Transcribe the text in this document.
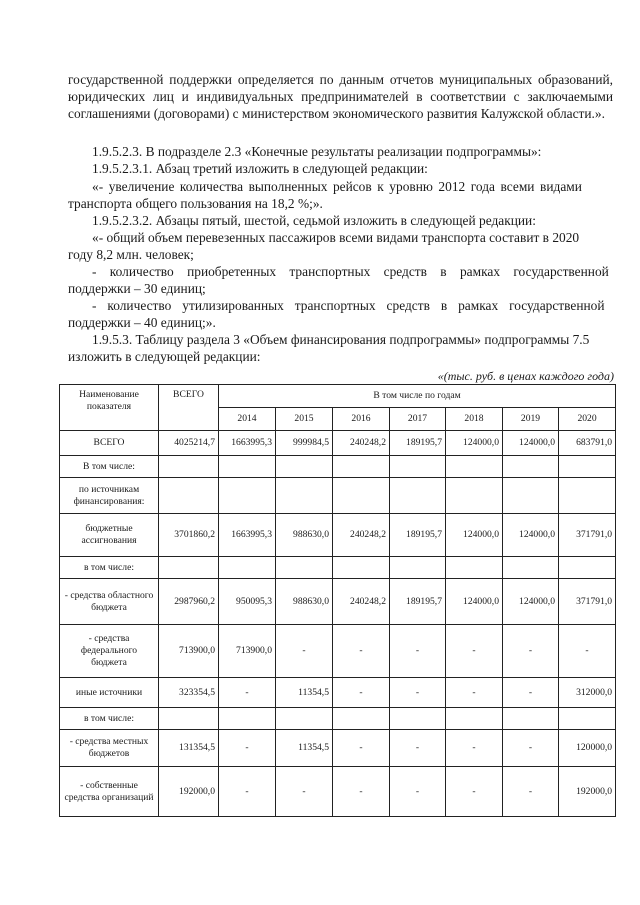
государственной поддержки определяется по данным отчетов муниципальных образований, юридических лиц и индивидуальных предпринимателей в соответствии с заключаемыми соглашениями (договорами) с министерством экономического развития Калужской области.».

1.9.5.2.3. В подразделе 2.3 «Конечные результаты реализации подпрограммы»:

1.9.5.2.3.1. Абзац третий изложить в следующей редакции:

«- увеличение количества выполненных рейсов к уровню 2012 года всеми видами

транспорта общего пользования на 18,2 %;».

1.9.5.2.3.2. Абзацы пятый, шестой, седьмой изложить в следующей редакции:

«- общий объем перевезенных пассажиров всеми видами транспорта составит в 2020

году 8,2 млн. человек;

- количество приобретенных транспортных средств в рамках государственной

поддержки – 30 единиц;

- количество утилизированных транспортных средств в рамках государственной

поддержки – 40 единиц;».

1.9.5.3. Таблицу раздела 3 «Объем финансирования подпрограммы» подпрограммы 7.5

изложить в следующей редакции:

«(тыс. руб. в ценах каждого года)
Наименование показателя	ВСЕГО	В том числе по годам						
		2014	2015	2016	2017	2018	2019	2020
ВСЕГО	4025214,7	1663995,3	999984,5	240248,2	189195,7	124000,0	124000,0	683791,0
В том числе:								
по источникам финансирования:								
бюджетные ассигнования	3701860,2	1663995,3	988630,0	240248,2	189195,7	124000,0	124000,0	371791,0
в том числе:								
- средства областного бюджета	2987960,2	950095,3	988630,0	240248,2	189195,7	124000,0	124000,0	371791,0
- средства федерального бюджета	713900,0	713900,0	-	-	-	-	-	-
иные источники	323354,5	-	11354,5	-	-	-	-	312000,0
в том числе:								
- средства местных бюджетов	131354,5	-	11354,5	-	-	-	-	120000,0
- собственные средства организаций	192000,0	-	-	-	-	-	-	192000,0
